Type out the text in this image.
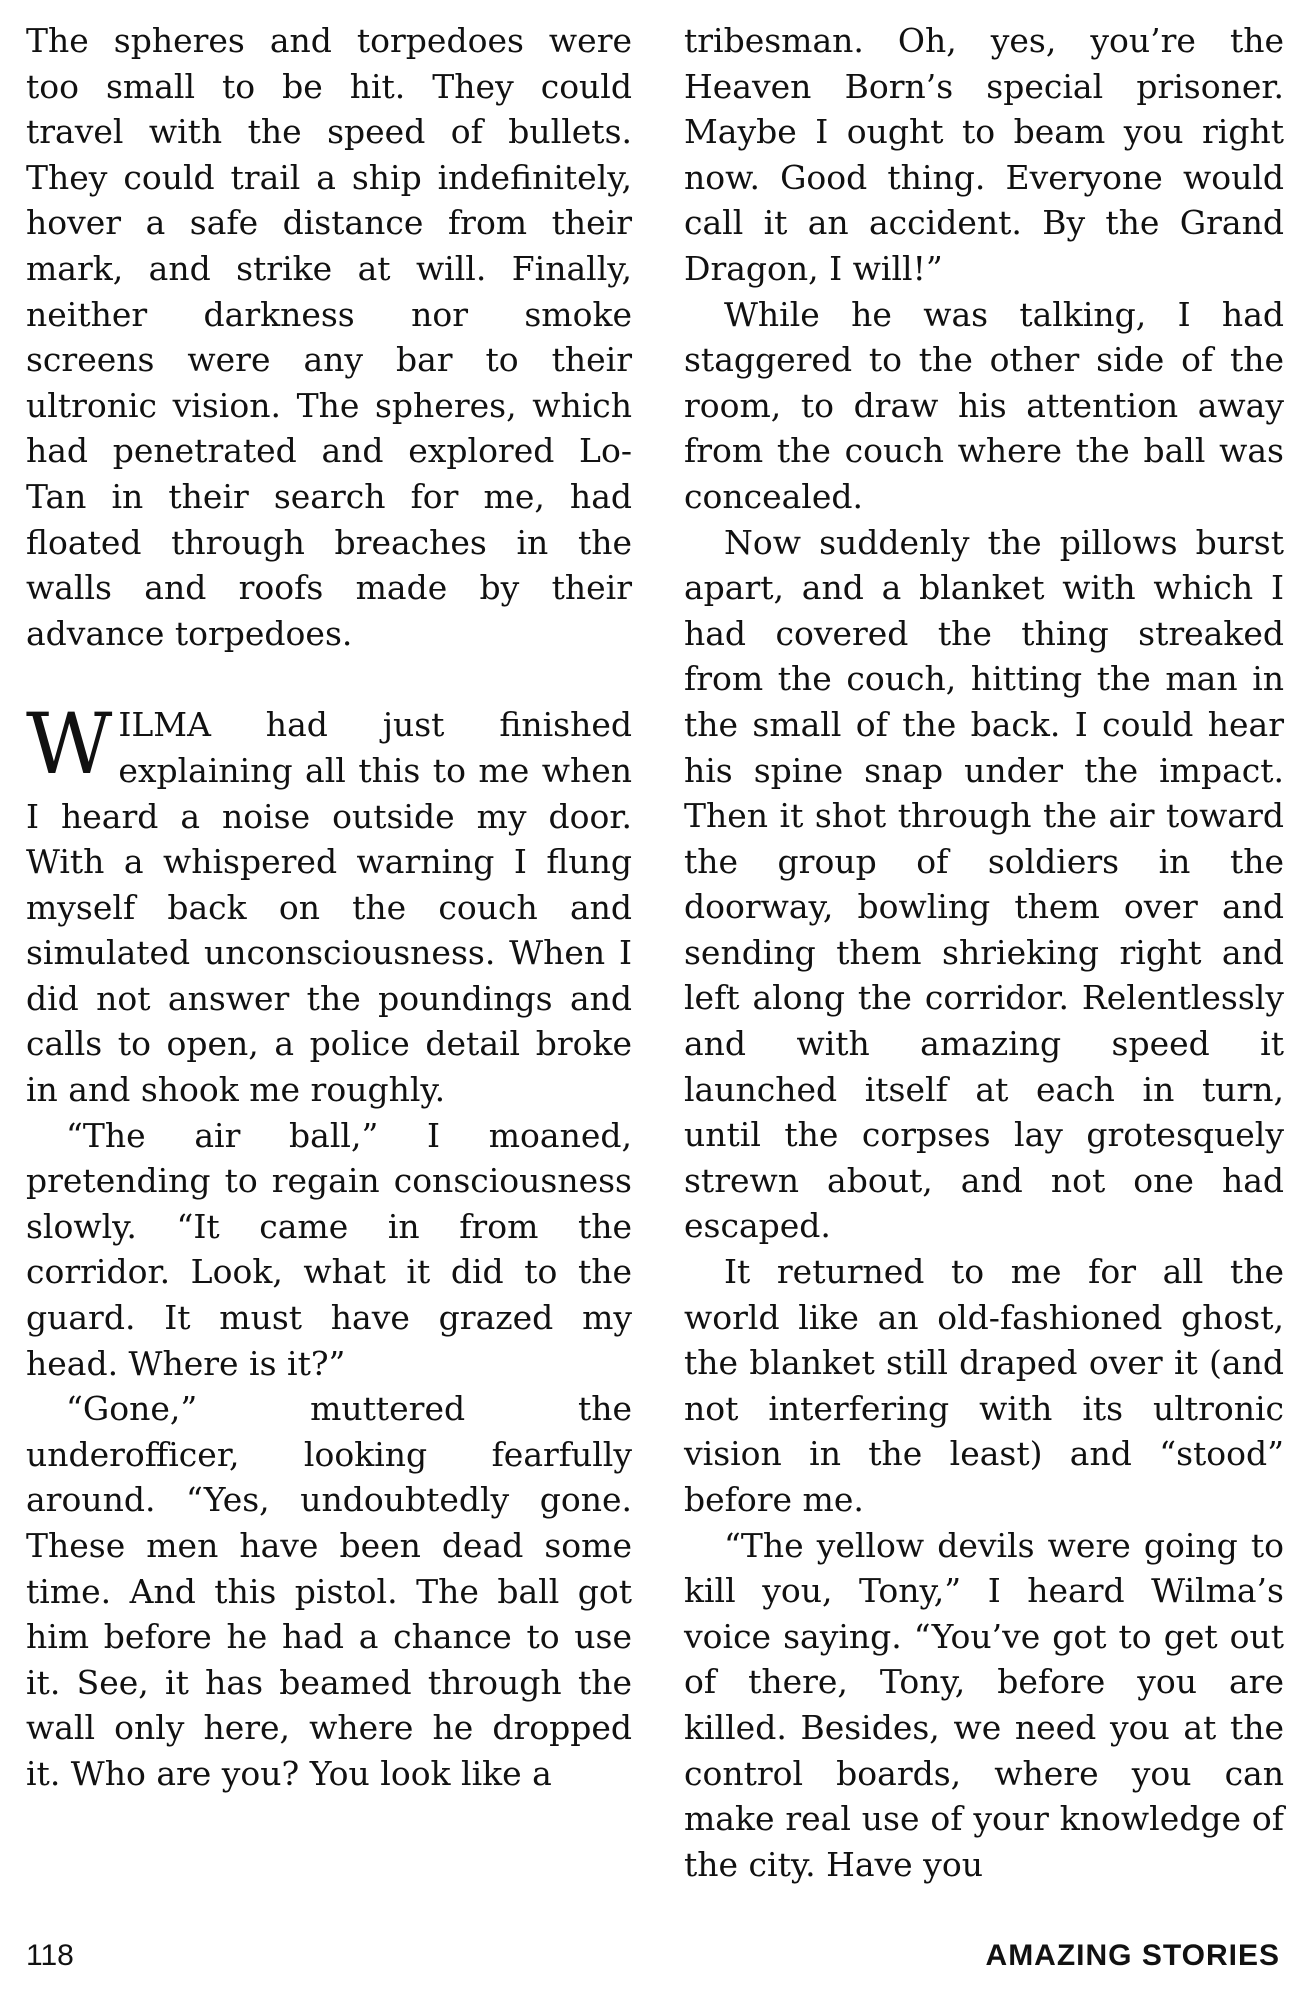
The spheres and torpedoes were too small to be hit. They could travel with the speed of bullets. They could trail a ship indefinitely, hover a safe distance from their mark, and strike at will. Finally, neither darkness nor smoke screens were any bar to their ultronic vision. The spheres, which had penetrated and explored Lo-Tan in their search for me, had floated through breaches in the walls and roofs made by their advance torpedoes.

WILMA had just finished explaining all this to me when I heard a noise outside my door. With a whispered warning I flung myself back on the couch and simulated unconsciousness. When I did not answer the poundings and calls to open, a police detail broke in and shook me roughly.

“The air ball,” I moaned, pretending to regain consciousness slowly. “It came in from the corridor. Look, what it did to the guard. It must have grazed my head. Where is it?”

“Gone,” muttered the underofficer, looking fearfully around. “Yes, undoubtedly gone. These men have been dead some time. And this pistol. The ball got him before he had a chance to use it. See, it has beamed through the wall only here, where he dropped it. Who are you? You look like a

tribesman. Oh, yes, you’re the Heaven Born’s special prisoner. Maybe I ought to beam you right now. Good thing. Everyone would call it an accident. By the Grand Dragon, I will!”

While he was talking, I had staggered to the other side of the room, to draw his attention away from the couch where the ball was concealed.

Now suddenly the pillows burst apart, and a blanket with which I had covered the thing streaked from the couch, hitting the man in the small of the back. I could hear his spine snap under the impact. Then it shot through the air toward the group of soldiers in the doorway, bowling them over and sending them shrieking right and left along the corridor. Relentlessly and with amazing speed it launched itself at each in turn, until the corpses lay grotesquely strewn about, and not one had escaped.

It returned to me for all the world like an old-fashioned ghost, the blanket still draped over it (and not interfering with its ultronic vision in the least) and “stood” before me.

“The yellow devils were going to kill you, Tony,” I heard Wilma’s voice saying. “You’ve got to get out of there, Tony, before you are killed. Besides, we need you at the control boards, where you can make real use of your knowledge of the city. Have you

118	AMAZING STORIES
